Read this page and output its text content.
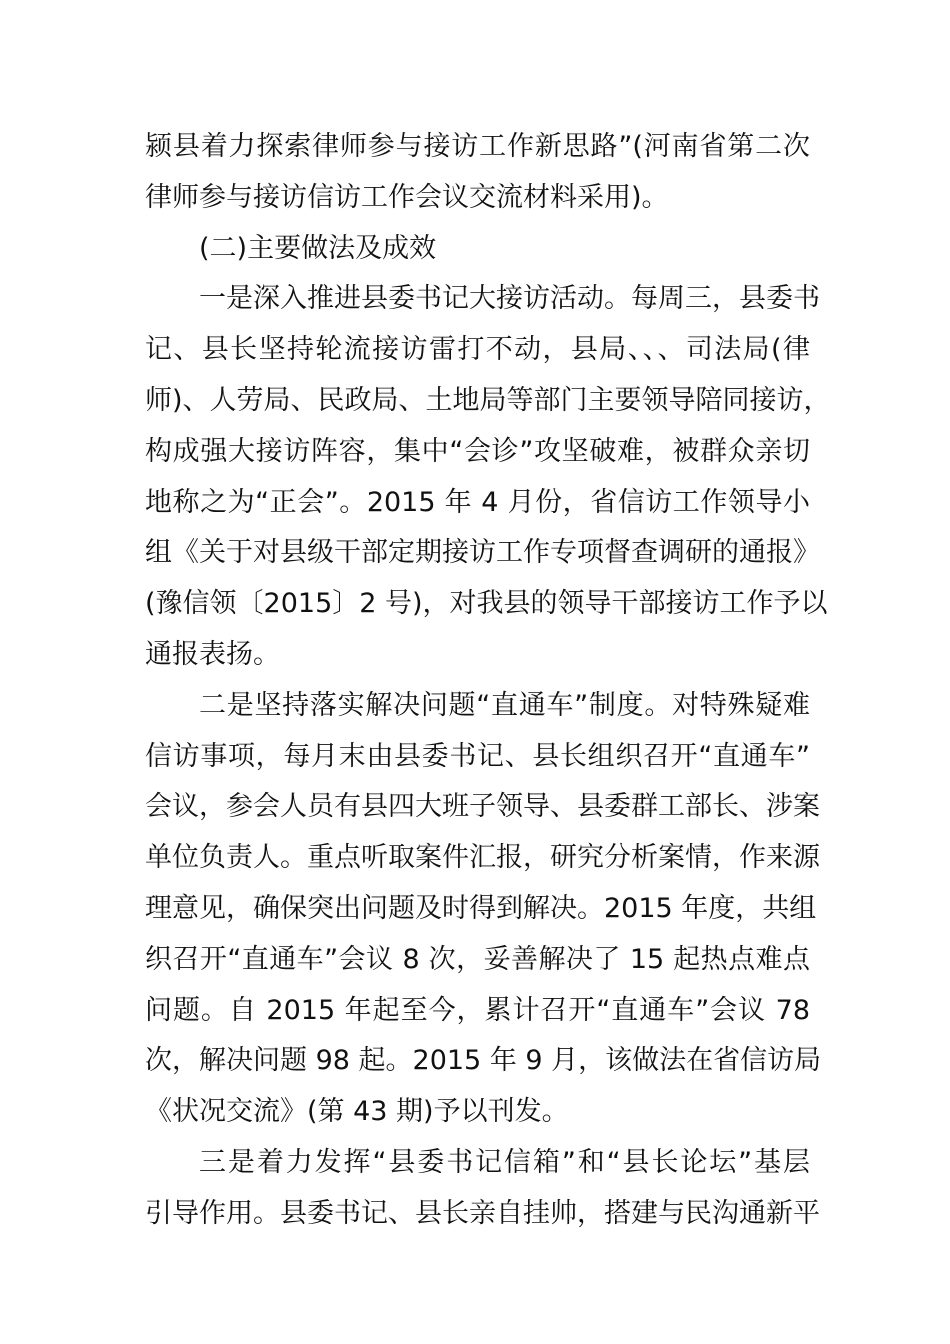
颍县着力探索律师参与接访工作新思路”(河南省第二次
律师参与接访信访工作会议交流材料采用)。
(二)主要做法及成效
一是深入推进县委书记大接访活动。每周三，县委书
记、县长坚持轮流接访雷打不动，县局、、、司法局(律
师)、人劳局、民政局、土地局等部门主要领导陪同接访，
构成强大接访阵容，集中“会诊”攻坚破难，被群众亲切
地称之为“正会”。2015 年 4 月份，省信访工作领导小
组《关于对县级干部定期接访工作专项督查调研的通报》
(豫信领〔2015〕2 号)，对我县的领导干部接访工作予以
通报表扬。
二是坚持落实解决问题“直通车”制度。对特殊疑难
信访事项，每月末由县委书记、县长组织召开“直通车”
会议，参会人员有县四大班子领导、县委群工部长、涉案
单位负责人。重点听取案件汇报，研究分析案情，作来源
理意见，确保突出问题及时得到解决。2015 年度，共组
织召开“直通车”会议 8 次，妥善解决了 15 起热点难点
问题。自 2015 年起至今，累计召开“直通车”会议 78
次，解决问题 98 起。2015 年 9 月，该做法在省信访局
《状况交流》(第 43 期)予以刊发。
三是着力发挥“县委书记信箱”和“县长论坛”基层
引导作用。县委书记、县长亲自挂帅，搭建与民沟通新平
